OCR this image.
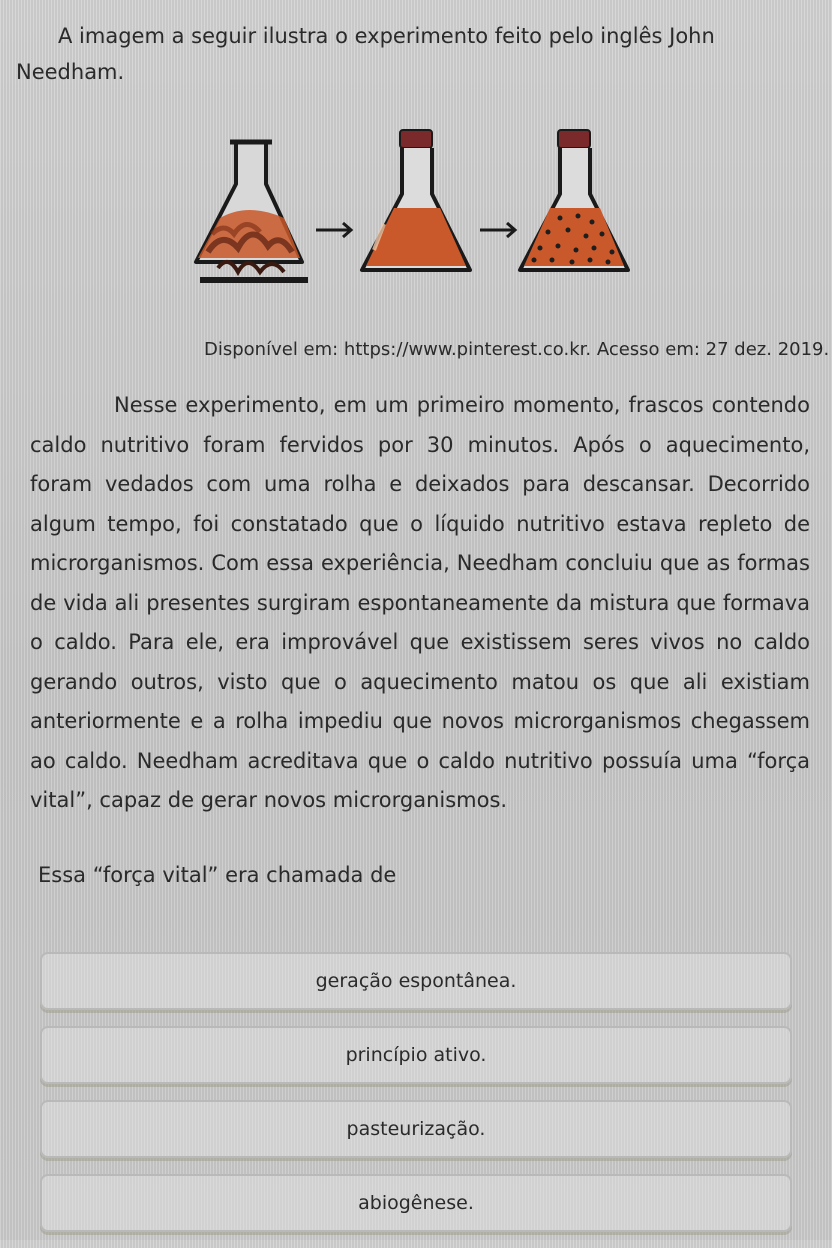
A imagem a seguir ilustra o experimento feito pelo inglês John Needham.

Disponível em: https://www.pinterest.co.kr. Acesso em: 27 dez. 2019.

Nesse experimento, em um primeiro momento, frascos contendo caldo nutritivo foram fervidos por 30 minutos. Após o aquecimento, foram vedados com uma rolha e deixados para descansar. Decorrido algum tempo, foi constatado que o líquido nutritivo estava repleto de microrganismos. Com essa experiência, Needham concluiu que as formas de vida ali presentes surgiram espontaneamente da mistura que formava o caldo. Para ele, era improvável que existissem seres vivos no caldo gerando outros, visto que o aquecimento matou os que ali existiam anteriormente e a rolha impediu que novos microrganismos chegassem ao caldo. Needham acreditava que o caldo nutritivo possuía uma “força vital”, capaz de gerar novos microrganismos.

Essa “força vital” era chamada de

geração espontânea.
princípio ativo.
pasteurização.
abiogênese.
